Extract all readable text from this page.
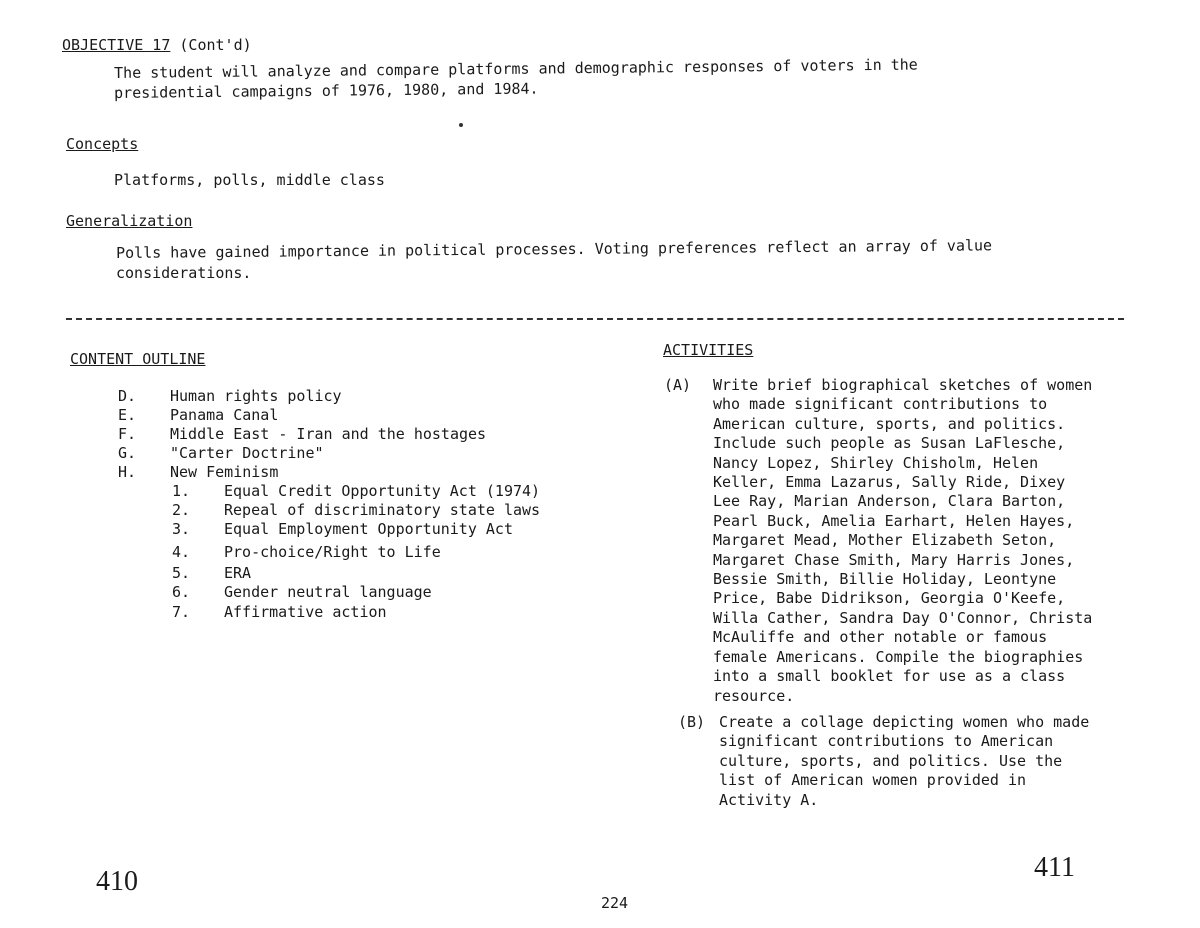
OBJECTIVE 17 (Cont'd)
The student will analyze and compare platforms and demographic responses of voters in the
presidential campaigns of 1976, 1980, and 1984.
Concepts
Platforms, polls, middle class
Generalization
Polls have gained importance in political processes. Voting preferences reflect an array of value
considerations.
CONTENT OUTLINE
D. Human rights policy
E. Panama Canal
F. Middle East - Iran and the hostages
G. "Carter Doctrine"
H. New Feminism
1. Equal Credit Opportunity Act (1974)
2. Repeal of discriminatory state laws
3. Equal Employment Opportunity Act
4. Pro-choice/Right to Life
5. ERA
6. Gender neutral language
7. Affirmative action
ACTIVITIES
(A) Write brief biographical sketches of women
who made significant contributions to
American culture, sports, and politics.
Include such people as Susan LaFlesche,
Nancy Lopez, Shirley Chisholm, Helen
Keller, Emma Lazarus, Sally Ride, Dixey
Lee Ray, Marian Anderson, Clara Barton,
Pearl Buck, Amelia Earhart, Helen Hayes,
Margaret Mead, Mother Elizabeth Seton,
Margaret Chase Smith, Mary Harris Jones,
Bessie Smith, Billie Holiday, Leontyne
Price, Babe Didrikson, Georgia O'Keefe,
Willa Cather, Sandra Day O'Connor, Christa
McAuliffe and other notable or famous
female Americans. Compile the biographies
into a small booklet for use as a class
resource.
(B) Create a collage depicting women who made
significant contributions to American
culture, sports, and politics. Use the
list of American women provided in
Activity A.
410
224
411
